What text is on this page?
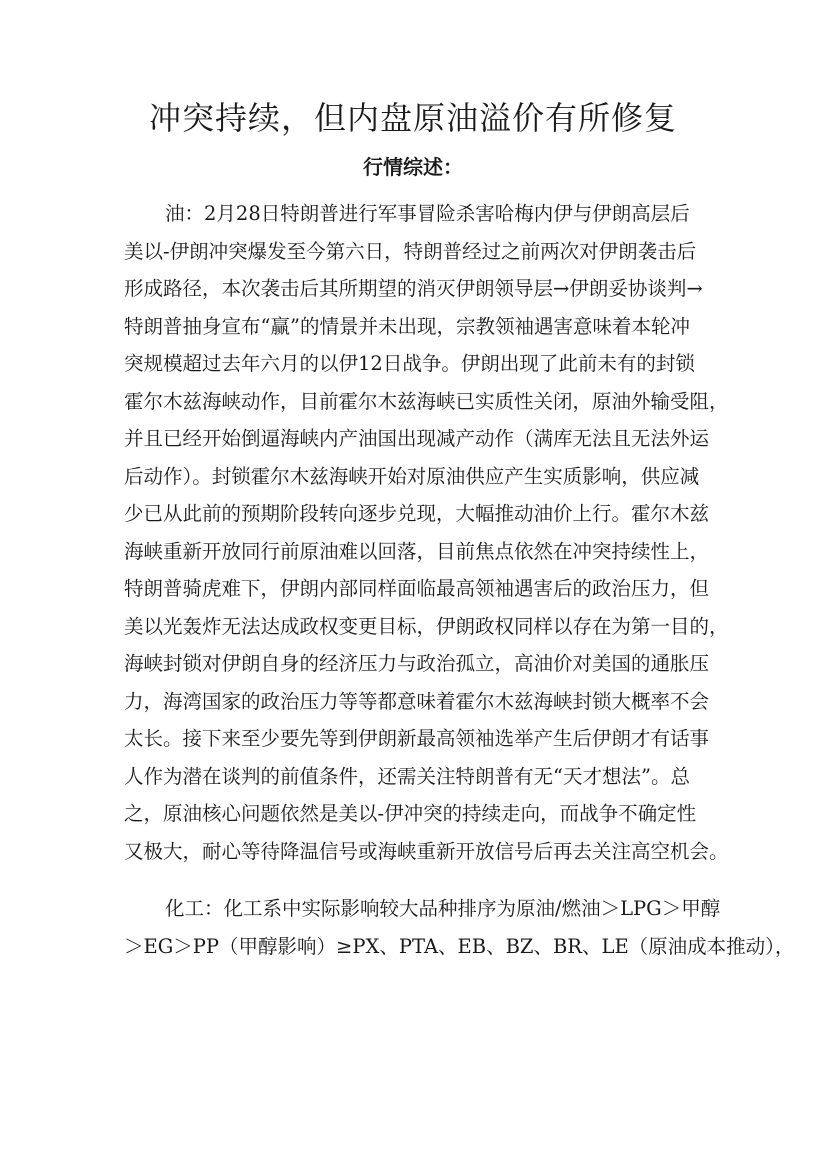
冲突持续，但内盘原油溢价有所修复
行情综述：
油：2月28日特朗普进行军事冒险杀害哈梅内伊与伊朗高层后
美以-伊朗冲突爆发至今第六日，特朗普经过之前两次对伊朗袭击后
形成路径，本次袭击后其所期望的消灭伊朗领导层→伊朗妥协谈判→
特朗普抽身宣布“赢”的情景并未出现，宗教领袖遇害意味着本轮冲
突规模超过去年六月的以伊12日战争。伊朗出现了此前未有的封锁
霍尔木兹海峡动作，目前霍尔木兹海峡已实质性关闭，原油外输受阻，
并且已经开始倒逼海峡内产油国出现减产动作（满库无法且无法外运
后动作）。封锁霍尔木兹海峡开始对原油供应产生实质影响，供应减
少已从此前的预期阶段转向逐步兑现，大幅推动油价上行。霍尔木兹
海峡重新开放同行前原油难以回落，目前焦点依然在冲突持续性上，
特朗普骑虎难下，伊朗内部同样面临最高领袖遇害后的政治压力，但
美以光轰炸无法达成政权变更目标，伊朗政权同样以存在为第一目的，
海峡封锁对伊朗自身的经济压力与政治孤立，高油价对美国的通胀压
力，海湾国家的政治压力等等都意味着霍尔木兹海峡封锁大概率不会
太长。接下来至少要先等到伊朗新最高领袖选举产生后伊朗才有话事
人作为潜在谈判的前值条件，还需关注特朗普有无“天才想法”。总
之，原油核心问题依然是美以-伊冲突的持续走向，而战争不确定性
又极大，耐心等待降温信号或海峡重新开放信号后再去关注高空机会。
化工：化工系中实际影响较大品种排序为原油/燃油＞LPG＞甲醇
＞EG＞PP（甲醇影响）≥PX、PTA、EB、BZ、BR、LE（原油成本推动），
